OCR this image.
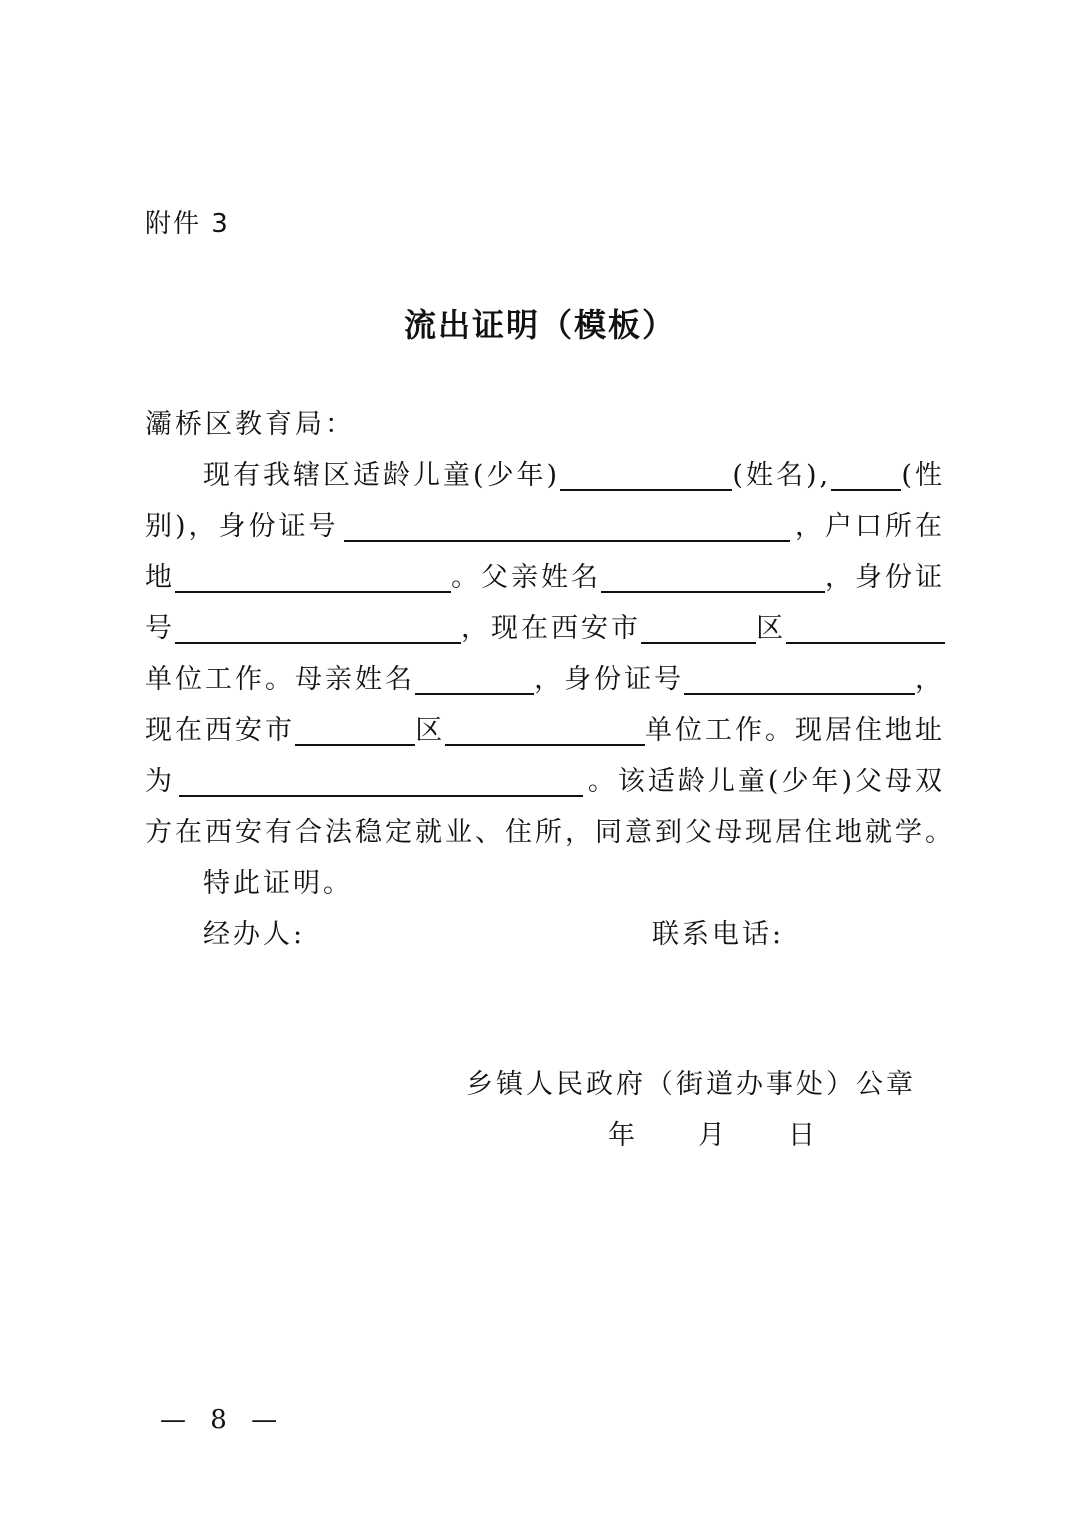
附件 3
流出证明（模板）
灞桥区教育局：
现有我辖区适龄儿童(少年)	(姓名),	(性
别)，身份证号	，户口所在
地	。父亲姓名	，身份证
号	，现在西安市	区
单位工作。母亲姓名	，身份证号	，
现在西安市	区	单位工作。现居住地址
为	。该适龄儿童(少年)父母双
方在西安有合法稳定就业、住所，同意到父母现居住地就学。
特此证明。
经办人:	联系电话:
乡镇人民政府（街道办事处）公章
年　　月　　日
— 8 —
